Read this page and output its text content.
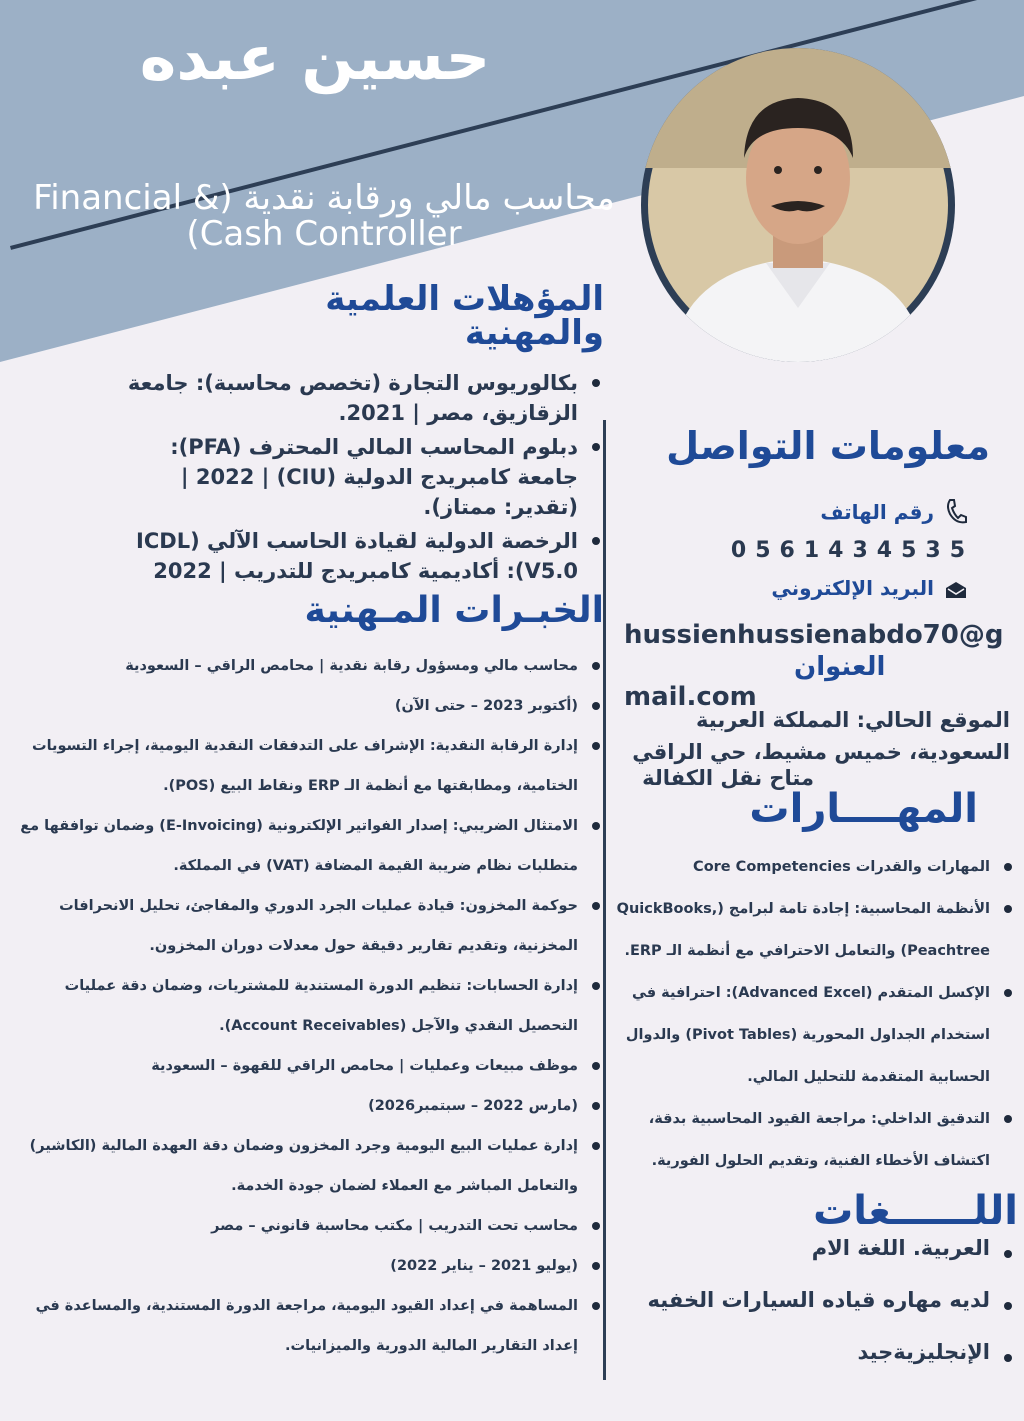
حسين عبده
محاسب مالي ورقابة نقدية (Financial & Cash Controller)
المؤهلات العلمية والمهنية
بكالوريوس التجارة (تخصص محاسبة): جامعة الزقازيق، مصر | 2021.
دبلوم المحاسب المالي المحترف (PFA): جامعة كامبريدج الدولية (CIU) | 2022 | (تقدير: ممتاز).
الرخصة الدولية لقيادة الحاسب الآلي (ICDL V5.0): أكاديمية كامبريدج للتدريب | 2022
الخبـرات المـهنية
محاسب مالي ومسؤول رقابة نقدية | محامص الراقي – السعودية
(أكتوبر 2023 – حتى الآن)
إدارة الرقابة النقدية: الإشراف على التدفقات النقدية اليومية، إجراء التسويات الختامية، ومطابقتها مع أنظمة الـ ERP ونقاط البيع (POS).
الامتثال الضريبي: إصدار الفواتير الإلكترونية (E-Invoicing) وضمان توافقها مع متطلبات نظام ضريبة القيمة المضافة (VAT) في المملكة.
حوكمة المخزون: قيادة عمليات الجرد الدوري والمفاجئ، تحليل الانحرافات المخزنية، وتقديم تقارير دقيقة حول معدلات دوران المخزون.
إدارة الحسابات: تنظيم الدورة المستندية للمشتريات، وضمان دقة عمليات التحصيل النقدي والآجل (Account Receivables).
موظف مبيعات وعمليات | محامص الراقي للقهوة – السعودية
(مارس 2022 – سبتمبر2026)
إدارة عمليات البيع اليومية وجرد المخزون وضمان دقة العهدة المالية (الكاشير) والتعامل المباشر مع العملاء لضمان جودة الخدمة.
محاسب تحت التدريب | مكتب محاسبة قانوني – مصر
(يوليو 2021 – يناير 2022)
المساهمة في إعداد القيود اليومية، مراجعة الدورة المستندية، والمساعدة في إعداد التقارير المالية الدورية والميزانيات.
معلومات التواصل
رقم الهاتف
0561434535
البريد الإلكتروني
hussienhussienabdo70@gmail.com
العنوان
الموقع الحالي: المملكة العربية السعودية، خميس مشيط، حي الراقي
متاح نقل الكفالة
المهــــارات
المهارات والقدرات Core Competencies
الأنظمة المحاسبية: إجادة تامة لبرامج (QuickBooks, Peachtree) والتعامل الاحترافي مع أنظمة الـ ERP.
الإكسل المتقدم (Advanced Excel): احترافية في استخدام الجداول المحورية (Pivot Tables) والدوال الحسابية المتقدمة للتحليل المالي.
التدقيق الداخلي: مراجعة القيود المحاسبية بدقة، اكتشاف الأخطاء الفنية، وتقديم الحلول الفورية.
اللــــــغات
العربية. اللغة الام
لديه مهاره قياده السيارات الخفيه
الإنجليزيةجيد
